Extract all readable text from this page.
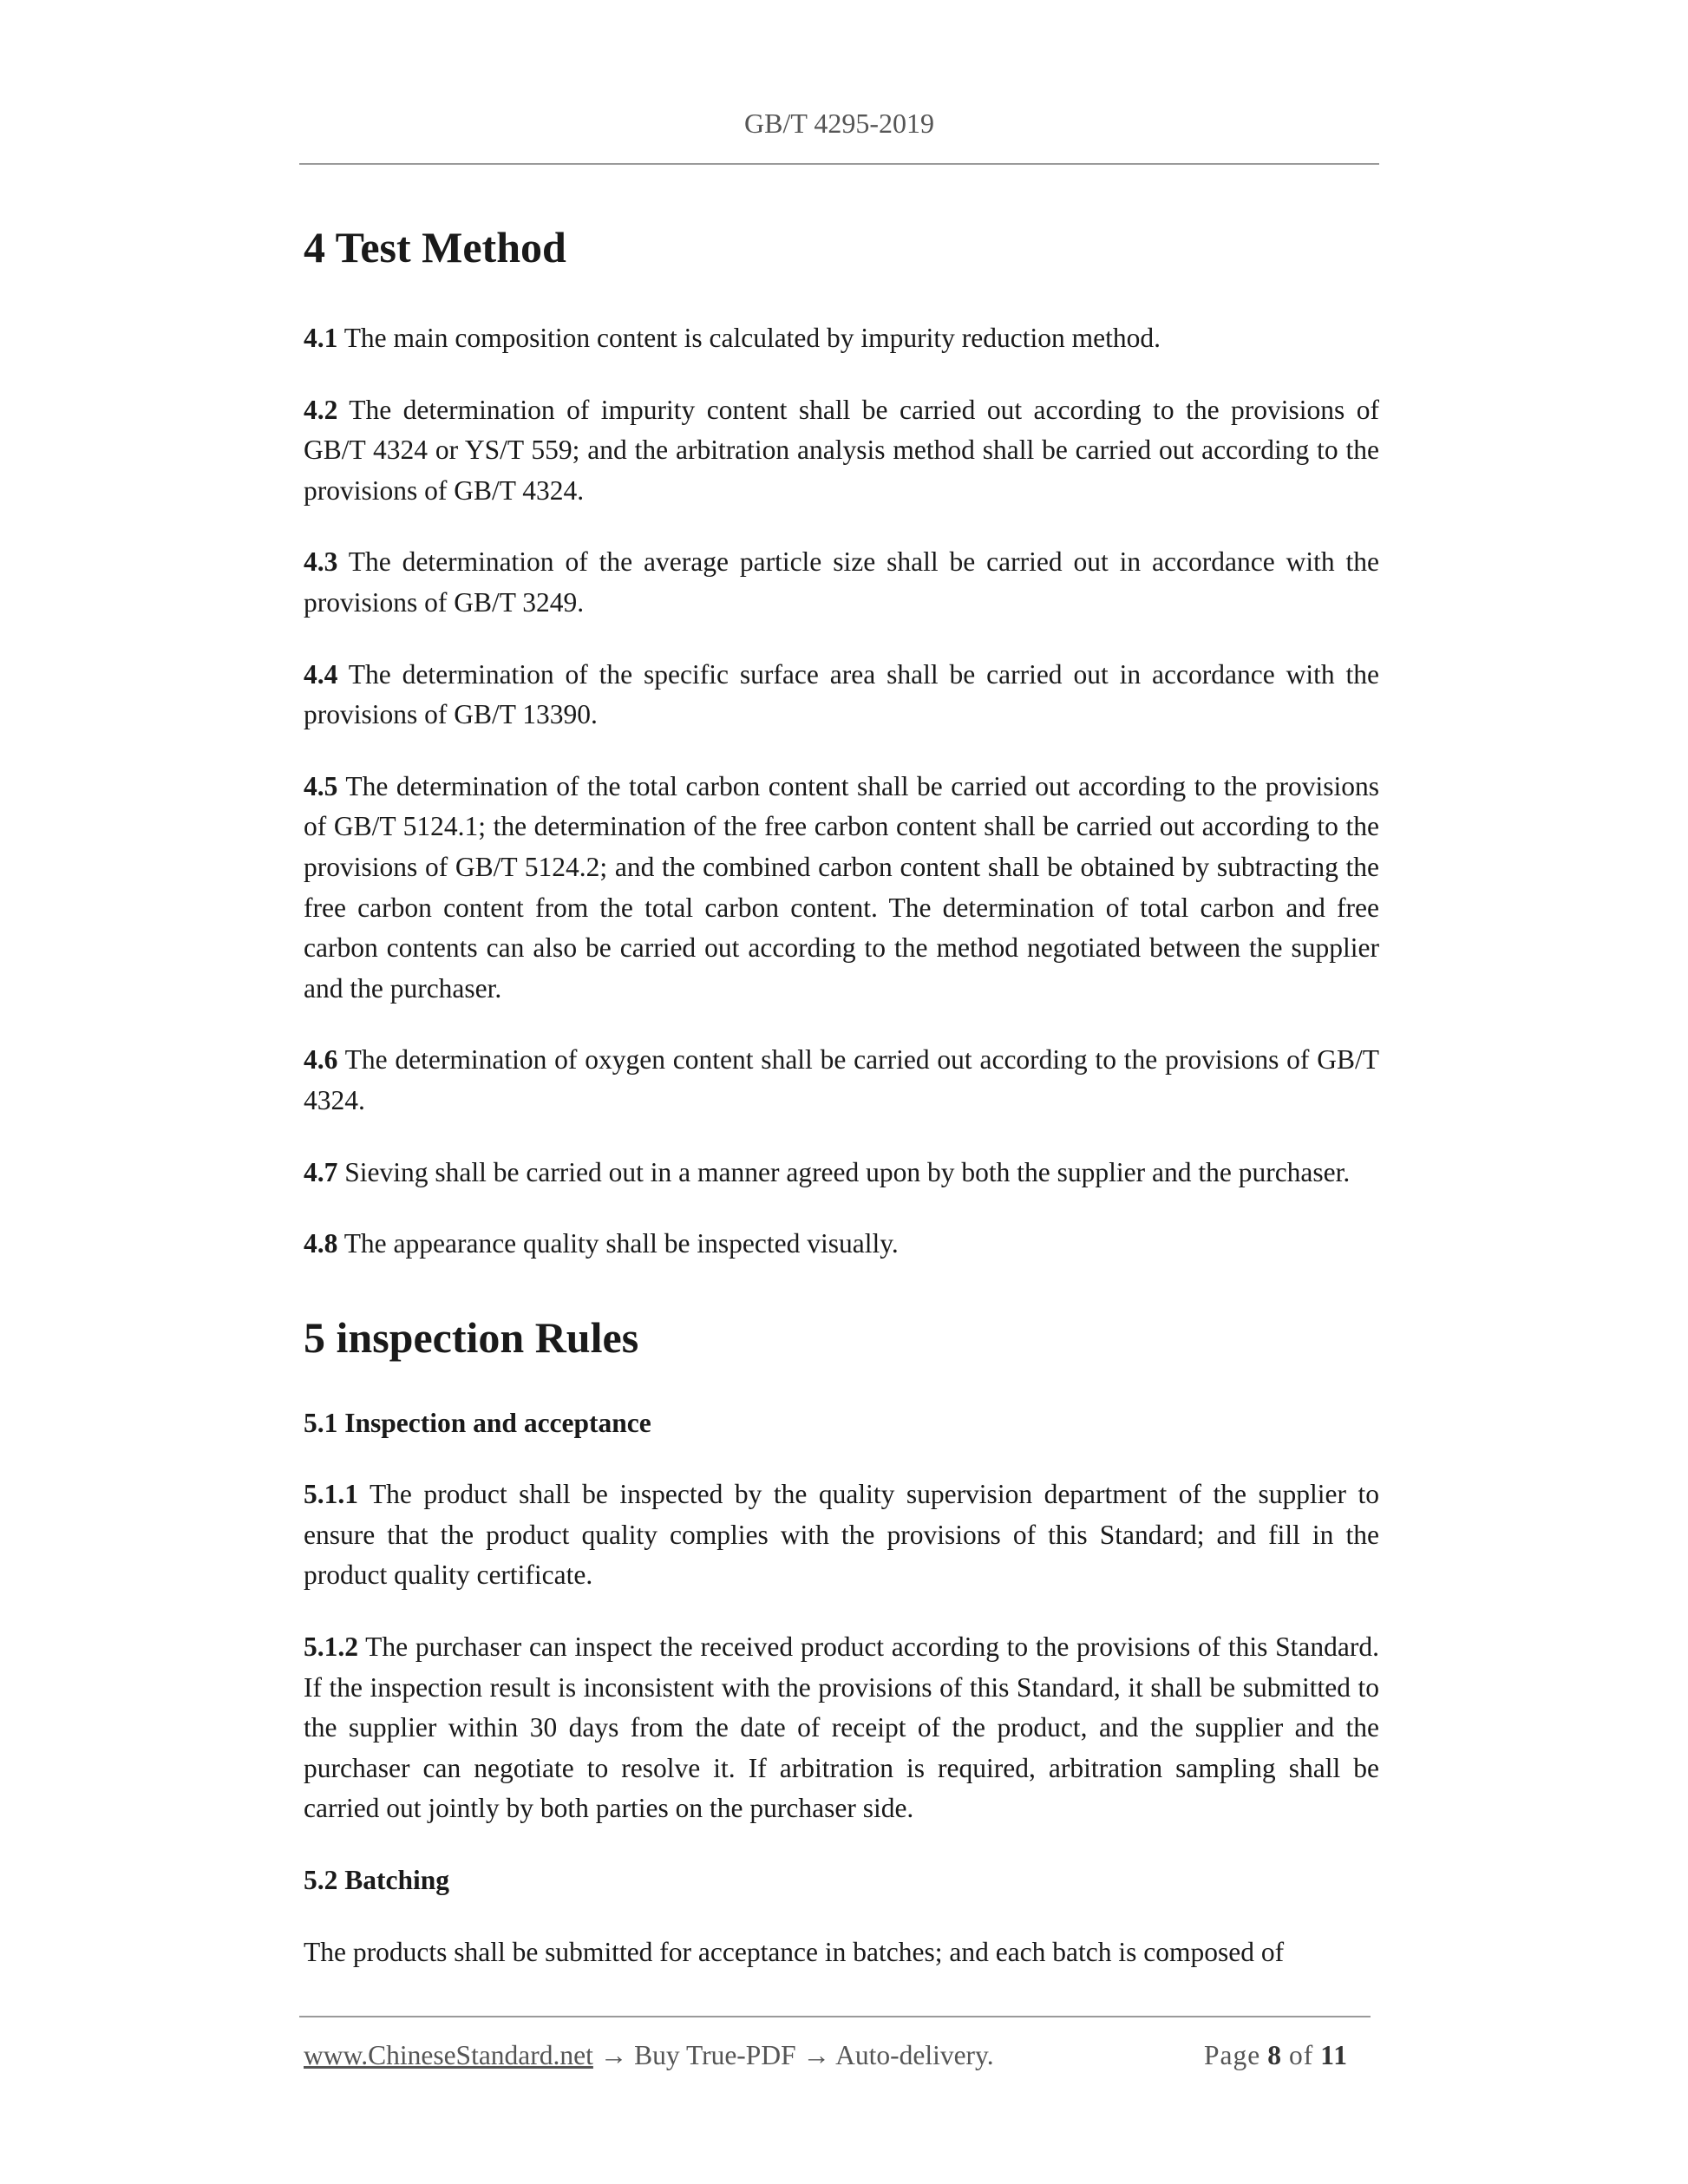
GB/T 4295-2019
4 Test Method

4.1 The main composition content is calculated by impurity reduction method.

4.2 The determination of impurity content shall be carried out according to the provisions of GB/T 4324 or YS/T 559; and the arbitration analysis method shall be carried out according to the provisions of GB/T 4324.

4.3 The determination of the average particle size shall be carried out in accordance with the provisions of GB/T 3249.

4.4 The determination of the specific surface area shall be carried out in accordance with the provisions of GB/T 13390.

4.5 The determination of the total carbon content shall be carried out according to the provisions of GB/T 5124.1; the determination of the free carbon content shall be carried out according to the provisions of GB/T 5124.2; and the combined carbon content shall be obtained by subtracting the free carbon content from the total carbon content. The determination of total carbon and free carbon contents can also be carried out according to the method negotiated between the supplier and the purchaser.

4.6 The determination of oxygen content shall be carried out according to the provisions of GB/T 4324.

4.7 Sieving shall be carried out in a manner agreed upon by both the supplier and the purchaser.

4.8 The appearance quality shall be inspected visually.

5 inspection Rules
5.1 Inspection and acceptance

5.1.1 The product shall be inspected by the quality supervision department of the supplier to ensure that the product quality complies with the provisions of this Standard; and fill in the product quality certificate.

5.1.2 The purchaser can inspect the received product according to the provisions of this Standard. If the inspection result is inconsistent with the provisions of this Standard, it shall be submitted to the supplier within 30 days from the date of receipt of the product, and the supplier and the purchaser can negotiate to resolve it. If arbitration is required, arbitration sampling shall be carried out jointly by both parties on the purchaser side.

5.2 Batching

The products shall be submitted for acceptance in batches; and each batch is composed of

www.ChineseStandard.net → Buy True-PDF → Auto-delivery.	Page 8 of 11
